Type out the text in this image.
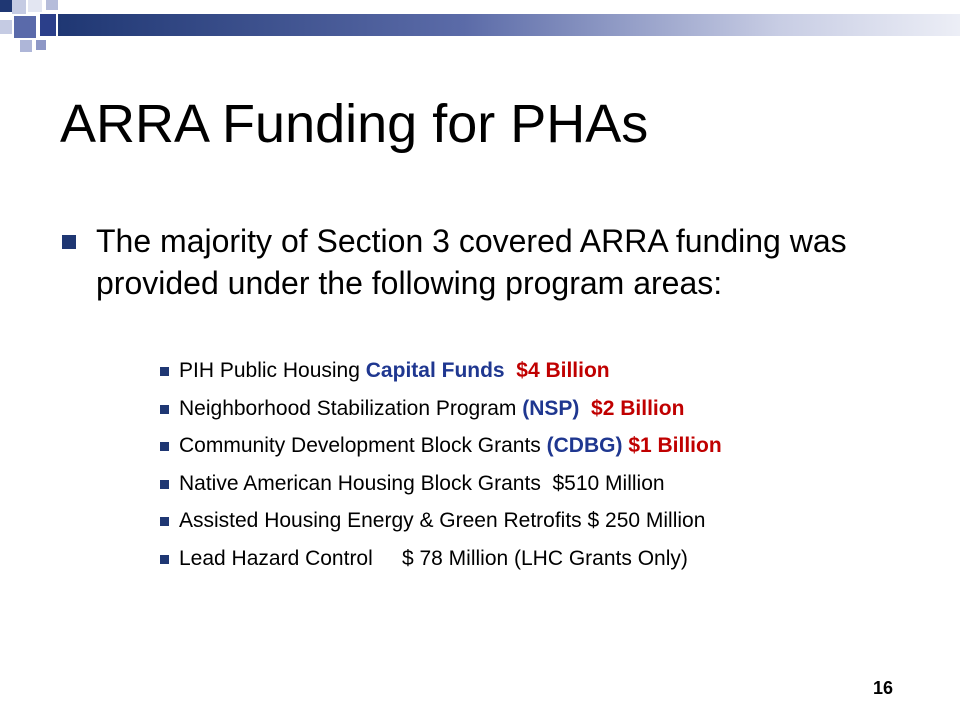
ARRA Funding for PHAs
The majority of Section 3 covered ARRA funding was provided under the following program areas:
PIH Public Housing Capital Funds $4 Billion
Neighborhood Stabilization Program (NSP) $2 Billion
Community Development Block Grants (CDBG) $1 Billion
Native American Housing Block Grants  $510 Million
Assisted Housing Energy & Green Retrofits $ 250 Million
Lead Hazard Control     $ 78 Million (LHC Grants Only)
16
